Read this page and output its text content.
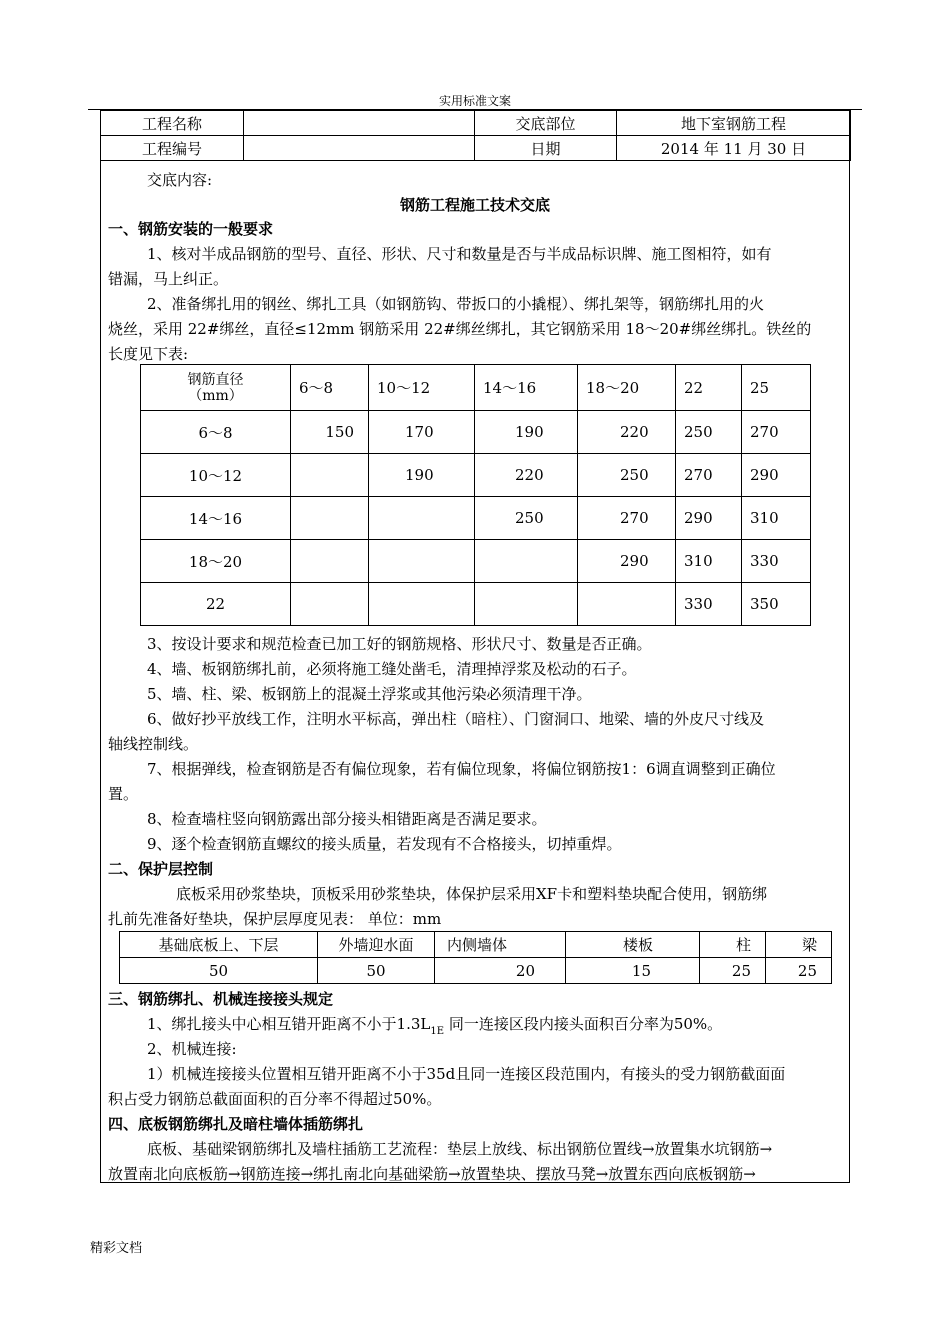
实用标准文案
工程名称		交底部位	地下室钢筋工程
工程编号		日期	2014 年 11 月 30 日
交底内容:
钢筋工程施工技术交底
一、钢筋安装的一般要求
1、核对半成品钢筋的型号、直径、形状、尺寸和数量是否与半成品标识牌、施工图相符，如有
错漏，马上纠正。
2、准备绑扎用的钢丝、绑扎工具（如钢筋钩、带扳口的小撬棍）、绑扎架等，钢筋绑扎用的火
烧丝，采用 22#绑丝，直径≤12mm 钢筋采用 22#绑丝绑扎，其它钢筋采用 18～20#绑丝绑扎。铁丝的
长度见下表:
钢筋直径
（mm）	6～8	10～12	14～16	18～20	22	25
6～8	150	170	190	220	250	270
10～12		190	220	250	270	290
14～16			250	270	290	310
18～20				290	310	330
22					330	350
3、按设计要求和规范检查已加工好的钢筋规格、形状尺寸、数量是否正确。
4、墙、板钢筋绑扎前，必须将施工缝处凿毛，清理掉浮浆及松动的石子。
5、墙、柱、梁、板钢筋上的混凝土浮浆或其他污染必须清理干净。
6、做好抄平放线工作，注明水平标高，弹出柱（暗柱）、门窗洞口、地梁、墙的外皮尺寸线及
轴线控制线。
7、根据弹线，检查钢筋是否有偏位现象，若有偏位现象，将偏位钢筋按1：6调直调整到正确位
置。
8、检查墙柱竖向钢筋露出部分接头相错距离是否满足要求。
9、逐个检查钢筋直螺纹的接头质量，若发现有不合格接头，切掉重焊。
二、保护层控制
底板采用砂浆垫块，顶板采用砂浆垫块，体保护层采用XF卡和塑料垫块配合使用，钢筋绑
扎前先准备好垫块，保护层厚度见表： 单位：mm
基础底板上、下层	外墙迎水面	内侧墙体	楼板	柱	梁
50	50	20	15	25	25
三、钢筋绑扎、机械连接接头规定
1、绑扎接头中心相互错开距离不小于$1.3L_{1E}$ 同一连接区段内接头面积百分率为50%。
2、机械连接:
1）机械连接接头位置相互错开距离不小于35d且同一连接区段范围内，有接头的受力钢筋截面面
积占受力钢筋总截面面积的百分率不得超过50%。
四、底板钢筋绑扎及暗柱墙体插筋绑扎
底板、基础梁钢筋绑扎及墙柱插筋工艺流程：垫层上放线、标出钢筋位置线→放置集水坑钢筋→
放置南北向底板筋→钢筋连接→绑扎南北向基础梁筋→放置垫块、摆放马凳→放置东西向底板钢筋→
精彩文档
